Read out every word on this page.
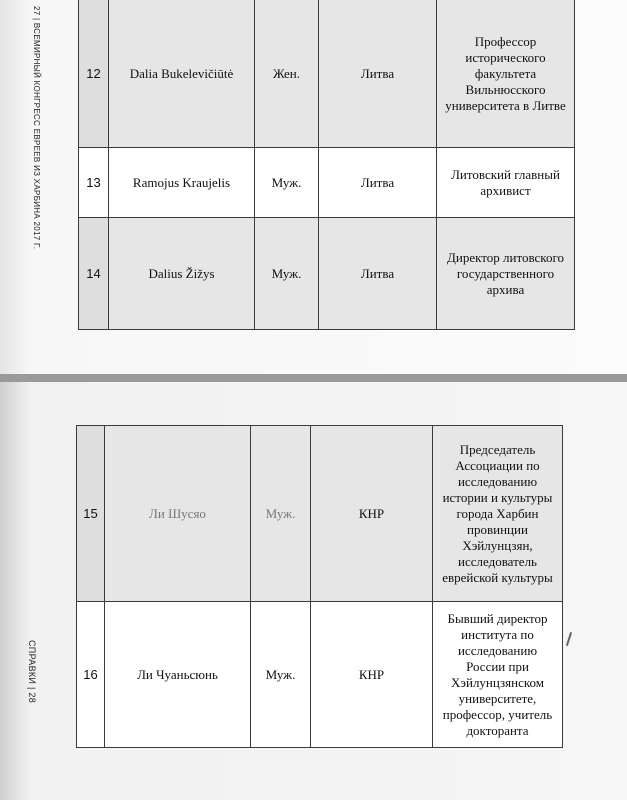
27 | ВСЕМИРНЫЙ КОНГРЕСС ЕВРЕЕВ ИЗ ХАРБИНА 2017 Г.	12	Dalia Bukelevičiūtė	Жен.	Литва	Профессор исторического факультета Вильнюсского университета в Литве
13	Ramojus Kraujelis	Муж.	Литва	Литовский главный архивист
14	Dalius Žižys	Муж.	Литва	Директор литовского государственного архива
15	Ли Шусяо	Муж.	КНР	Председатель Ассоциации по исследованию истории и культуры города Харбин провинции Хэйлунцзян, исследователь еврейской культуры
16	Ли Чуаньсюнь	Муж.	КНР	Бывший директор института по исследованию России при Хэйлунцзянском университете, профессор, учитель докторанта
СПРАВКИ | 28
